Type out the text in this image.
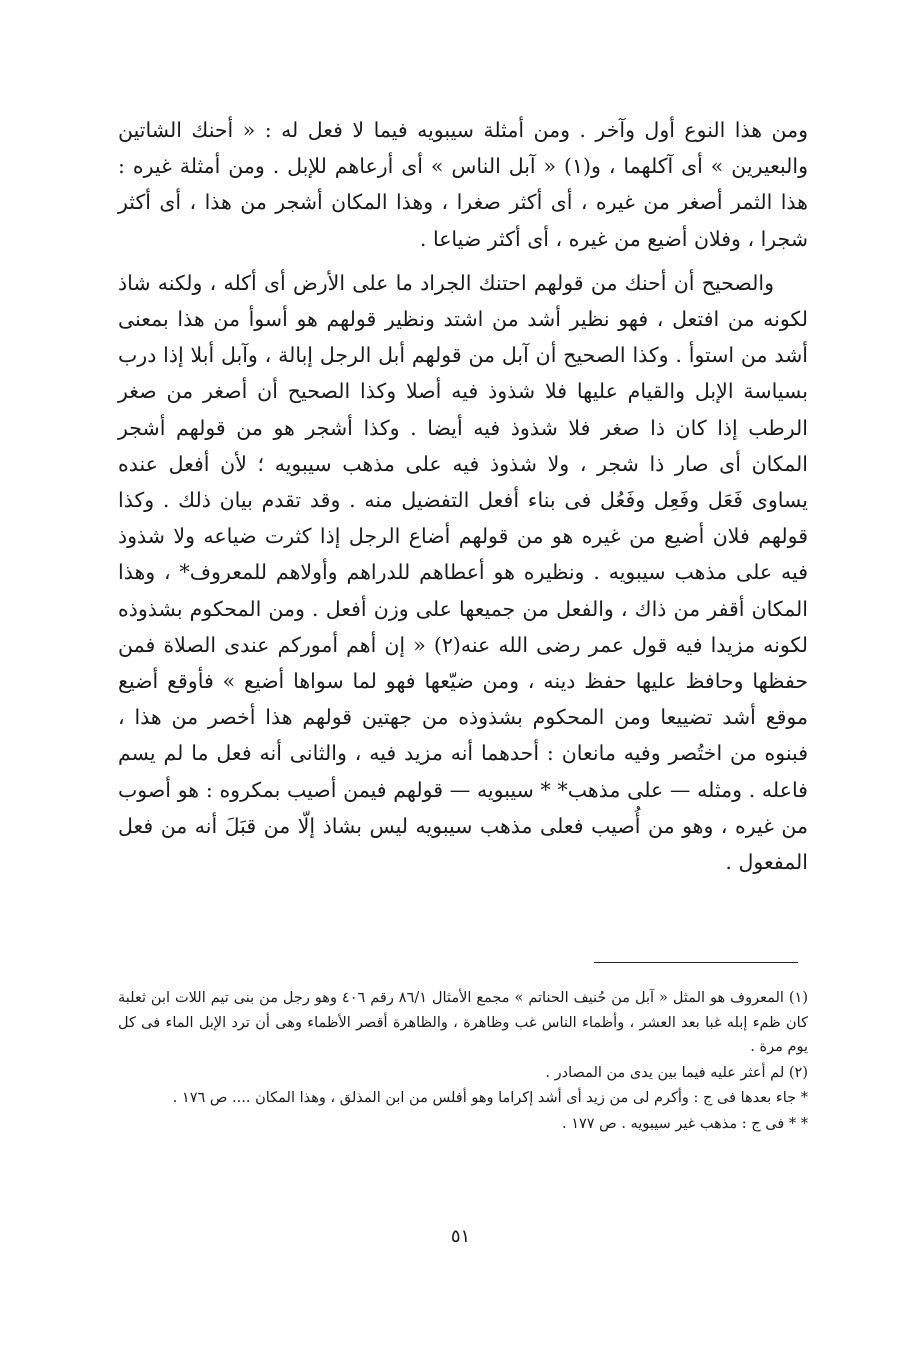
ومن هذا النوع أول وآخر . ومن أمثلة سيبويه فيما لا فعل له : « أحنك الشاتين والبعيرين » أى آكلهما ، و(١) « آبل الناس » أى أرعاهم للإبل . ومن أمثلة غيره : هذا الثمر أصغر من غيره ، أى أكثر صغرا ، وهذا المكان أشجر من هذا ، أى أكثر شجرا ، وفلان أضيع من غيره ، أى أكثر ضياعا .

والصحيح أن أحنك من قولهم احتنك الجراد ما على الأرض أى أكله ، ولكنه شاذ لكونه من افتعل ، فهو نظير أشد من اشتد ونظير قولهم هو أسوأ من هذا بمعنى أشد من استوأ . وكذا الصحيح أن آبل من قولهم أبل الرجل إبالة ، وآبل أبلا إذا درب بسياسة الإبل والقيام عليها فلا شذوذ فيه أصلا وكذا الصحيح أن أصغر من صغر الرطب إذا كان ذا صغر فلا شذوذ فيه أيضا . وكذا أشجر هو من قولهم أشجر المكان أى صار ذا شجر ، ولا شذوذ فيه على مذهب سيبويه ؛ لأن أفعل عنده يساوى فَعَل وفَعِل وفَعُل فى بناء أفعل التفضيل منه . وقد تقدم بيان ذلك . وكذا قولهم فلان أضيع من غيره هو من قولهم أضاع الرجل إذا كثرت ضياعه ولا شذوذ فيه على مذهب سيبويه . ونظيره هو أعطاهم للدراهم وأولاهم للمعروف* ، وهذا المكان أقفر من ذاك ، والفعل من جميعها على وزن أفعل . ومن المحكوم بشذوذه لكونه مزيدا فيه قول عمر رضى الله عنه(٢) « إن أهم أموركم عندى الصلاة فمن حفظها وحافظ عليها حفظ دينه ، ومن ضيّعها فهو لما سواها أضيع » فأوقع أضيع موقع أشد تضييعا ومن المحكوم بشذوذه من جهتين قولهم هذا أخصر من هذا ، فبنوه من اختُصر وفيه مانعان : أحدهما أنه مزيد فيه ، والثانى أنه فعل ما لم يسم فاعله . ومثله — على مذهب* * سيبويه — قولهم فيمن أصيب بمكروه : هو أصوب من غيره ، وهو من أُصيب فعلى مذهب سيبويه ليس بشاذ إلّا من قبَلَ أنه من فعل المفعول .

(١) المعروف هو المثل « آبل من حُنيف الحناتم » مجمع الأمثال ٨٦/١ رقم ٤٠٦ وهو رجل من بنى تيم اللات ابن ثعلبة كان ظمء إبله غبا بعد العشر ، وأظماء الناس غب وظاهرة ، والظاهرة أقصر الأظماء وهى أن ترد الإبل الماء فى كل يوم مرة .

(٢) لم أعثر عليه فيما بين يدى من المصادر .

* جاء بعدها فى ج : وأكرم لى من زيد أى أشد إكراما وهو أفلس من ابن المذلق ، وهذا المكان .... ص ١٧٦ .

* * فى ج : مذهب غير سيبويه . ص ١٧٧ .

٥١
